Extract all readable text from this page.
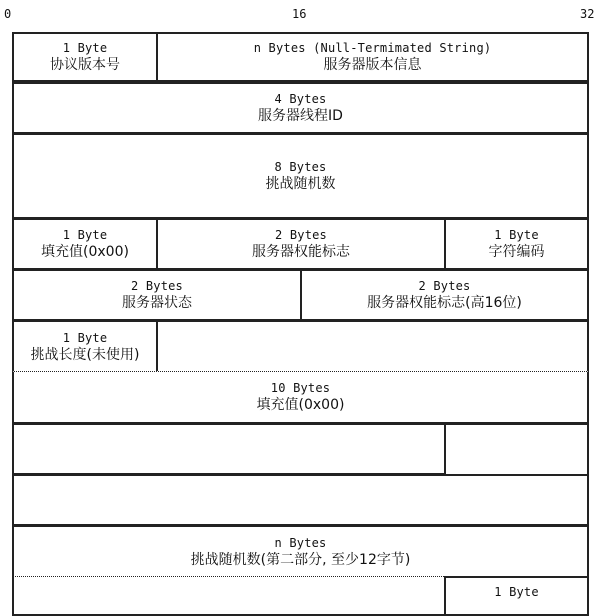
0	16	32
1 Byte
协议版本号
n Bytes (Null-Termimated String)
服务器版本信息
4 Bytes
服务器线程ID
8 Bytes
挑战随机数
1 Byte
填充值(0x00)
2 Bytes
服务器权能标志
1 Byte
字符编码
2 Bytes
服务器状态
2 Bytes
服务器权能标志(高16位)
1 Byte
挑战长度(未使用)
10 Bytes
填充值(0x00)
n Bytes
挑战随机数(第二部分, 至少12字节)
1 Byte
